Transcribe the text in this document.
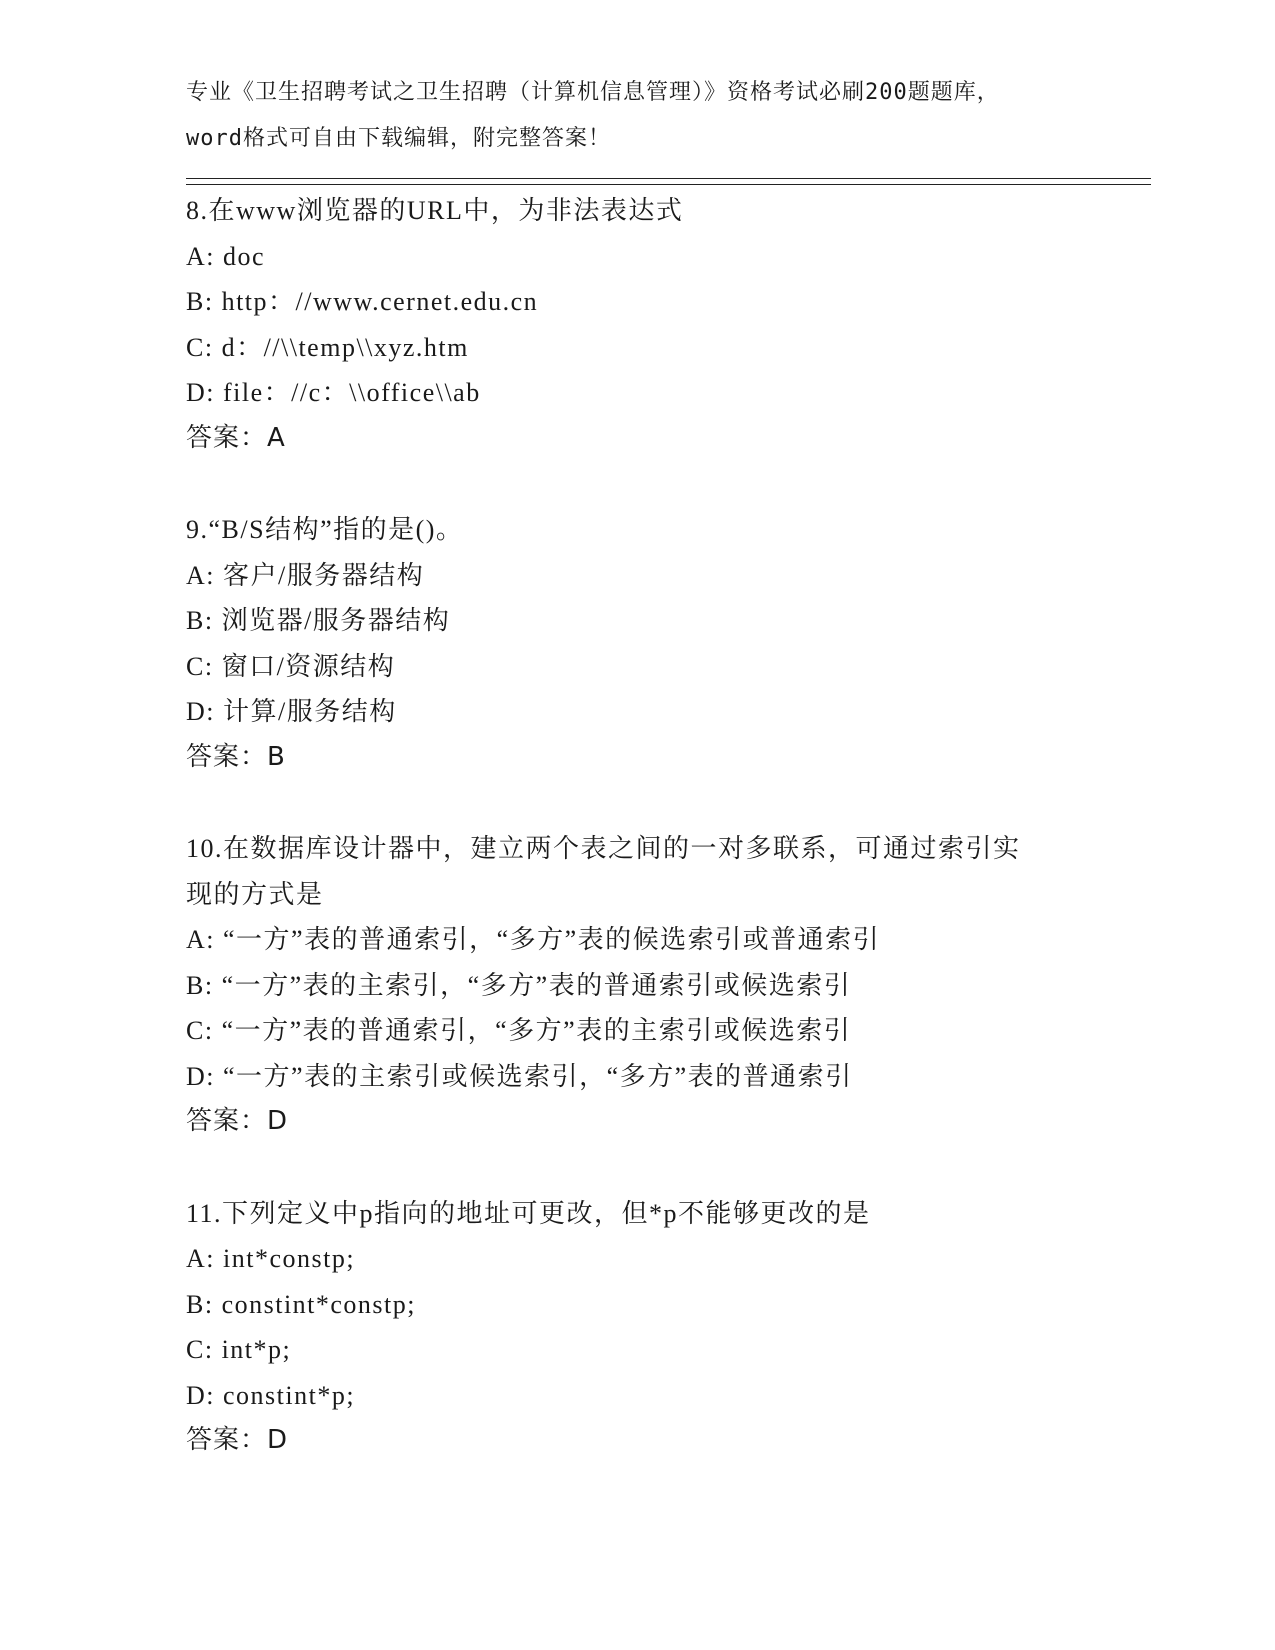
专业《卫生招聘考试之卫生招聘（计算机信息管理）》资格考试必刷200题题库，
word格式可自由下载编辑，附完整答案！
8.在www浏览器的URL中，为非法表达式
A: doc
B: http：//www.cernet.edu.cn
C: d：//\\temp\\xyz.htm
D: file：//c：\\office\\ab
答案：A
9.“B/S结构”指的是()。
A: 客户/服务器结构
B: 浏览器/服务器结构
C: 窗口/资源结构
D: 计算/服务结构
答案：B
10.在数据库设计器中，建立两个表之间的一对多联系，可通过索引实
现的方式是
A: “一方”表的普通索引，“多方”表的候选索引或普通索引
B: “一方”表的主索引，“多方”表的普通索引或候选索引
C: “一方”表的普通索引，“多方”表的主索引或候选索引
D: “一方”表的主索引或候选索引，“多方”表的普通索引
答案：D
11.下列定义中p指向的地址可更改，但*p不能够更改的是
A: int*constp;
B: constint*constp;
C: int*p;
D: constint*p;
答案：D
